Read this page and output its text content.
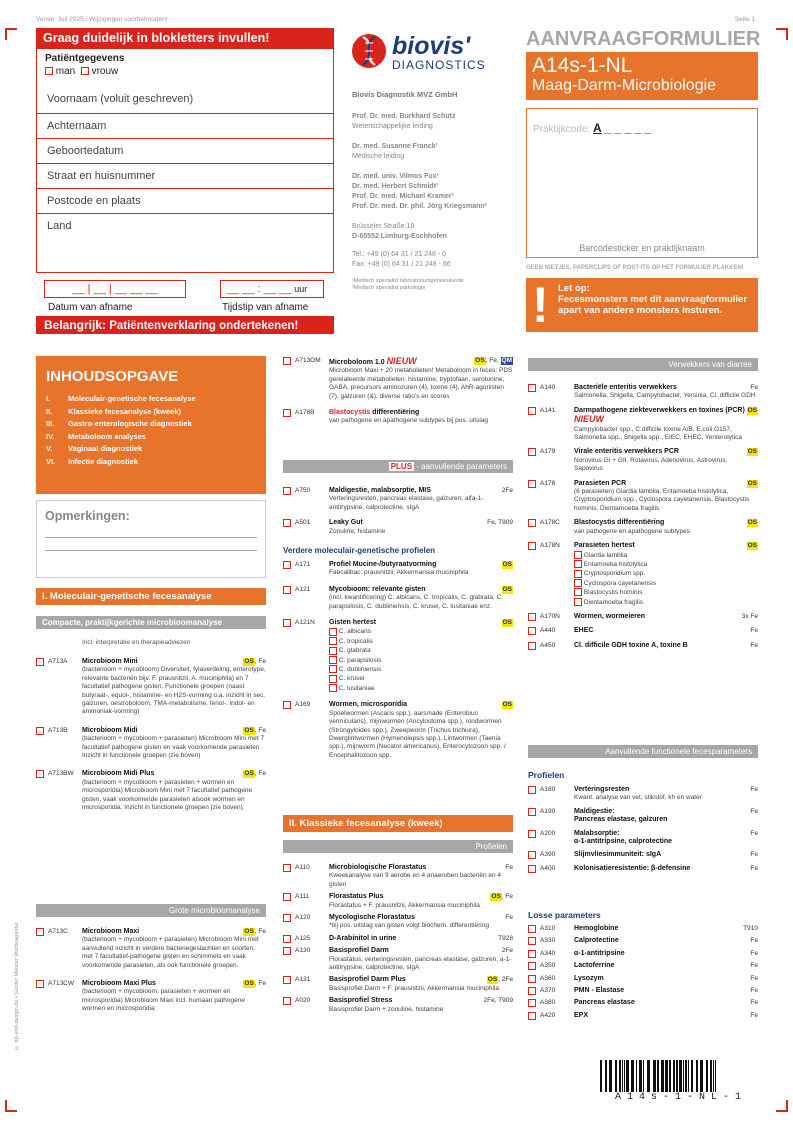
Versie: Juli 2025 / Wijzigingen voorbehouden!	Seite 1
© dp-und-design.de • Günter Meister Werbeagentur
Graag duidelijk in blokletters invullen!
Patiëntgegevens
man vrouw
Voornaam (voluit geschreven)
Achternaam
Geboortedatum
Straat en huisnummer
Postcode en plaats
Land
__ | __ | __ __ __
Datum van afname
__ __ : __ __ uur
Tijdstip van afname
Belangrijk: Patiëntenverklaring ondertekenen!
biovis'
DIAGNOSTICS
Biovis Diagnostik MVZ GmbH
Prof. Dr. med. Burkhard Schütz
Wetenschappelijke leiding
Dr. med. Susanne Franck¹
Medische leiding
Dr. med. univ. Vilmos Fux¹
Dr. med. Herbert Schmidt¹
Prof. Dr. med. Michael Kramer¹
Prof. Dr. med. Dr. phil. Jörg Kriegsmann²
Brüsseler Straße 18
D-65552 Limburg-Eschhofen
Tel.: +49 (0) 64 31 / 21 248 - 0
Fax: +49 (0) 64 31 / 21 248 - 66
¹Medisch specialist laboratoriumgeneeskunde
²Medisch specialist pathologie
AANVRAAGFORMULIER
A14s-1-NL
Maag-Darm-Microbiologie
Praktijkcode: A _ _ _ _ _
Barcodesticker en praktijknaam
GEEN NIETJES, PAPERCLIPS OF POST-ITS OP HET FORMULIER PLAKKEN!
! Let op:
Fecesmonsters met dit aanvraagformulier apart van andere monsters insturen.
INHOUDSOPGAVE
I. Moleculair-genetische fecesanalyse
II. Klassieke fecesanalyse (kweek)
III. Gastro-enterologische diagnostiek
IV. Metaboloom analyses
V. Vaginaal diagnostiek
VI. Infectie diagnostiek
Opmerkingen:
I. Moleculair-genetische fecesanalyse
Compacte, praktijkgerichte microbioomanalyse
Incl. interpretatie en therapieadviezen
A713A Microbioom Mini
(bacterioom + mycobioom) Diversiteit, fylaverdeling, enterotype, relevante bacteriën bijv. F. prausnitzii, A. muciniphila) en 7 facultatief pathogene gisten. Functionele groepen (naast butyraat-, equol-, histamine- en H2S-vorming o.a. inzicht in sec. galzuren, oestroboloom, TMA-metabolisme, fenol-, indol- en ammoniak-vorming)
OS, Fe
A713B Microbioom Midi
(bacterioom + mycobioom + parasieten) Microbioom Mini met 7 facultatief pathogene gisten en vaak voorkomende parasieten. Inzicht in functionele groepen (zie boven)
OS, Fe
A713BW Microbioom Midi Plus
(bacterioom + mycobioom + parasieten + wormen en microsporidia) Microbioom Mini met 7 facultatief pathogene gisten, vaak voorkomende parasieten alsook wormen en microsporidia. Inzicht in functionele groepen (zie boven).
OS, Fe
Grote microbioomanalyse
A713C Microbioom Maxi
(bacterioom + mycobioom + parasieten) Microbioom Mini met aanvullend inzicht in verdere bacteriegeslachten en soorten, met 7 facultatief-pathogene gisten en schimmels en vaak voorkomende parasieten, als ook functionele groepen.
OS, Fe
A713CW Microbioom Maxi Plus
(bacterioom + mycobioom, parasieten + wormen en microsporidia) Microbioom Maxi incl. humaan pathogene wormen en microsporidia
OS, Fe
A713OM Microboloom 1.0 NIEUW
Microbioom Maxi + 20 metabolieten! Metaboloom in feces: PDS gerelateerde metabolieten: histamine, tryptofaan, serotonine, GABA, precursors aminozuren (4), toxine (4), AhR-agonisten (7), galzuren (&), diverse ratio's en scores
OS, Fe, QM
A178B Blastocystis differentiëring
van pathogene en apathogene subtypes bij pos. uitslag
PLUS - aanvullende parameters
A750	Maldigestie, malabsorptie, MIS
Verteringsresten, pancreas elastase, galzuren, alfa-1-antitrypsine, calprotectine, sIgA
2Fe
A501	Leaky Gut
Zonuline, histamine
Fe, T909
Verdere moleculair-genetische profielen
A171	Profiel Mucine-/butyraatvorming
Faecalibac. prausnitzii, Akkermansia muciniphila
OS
A121	Mycobioom: relevante gisten
(incl. kwantificering) C. albicans, C. tropicalis, C. glabrata, C. parapsilosis, C. dubliniensis, C. krusei, C. lusitaniae enz.
OS
A121N Gisten hertest
C. albicans
C. tropicalis
C. glabrata
C. parapsilosis
C. dubliniensis
C. krusei
C. lusitaniae
OS
A169	Wormen, microsporidia
Spoelwormen (Ascaris spp.), aarsmade (Enterobius vermicularis), mijnwormen (Ancylostoma spp.), rondwormen (Strongyloides spp.), Zweepworm (Trichus trichiura), Dwerglintwormen (Hymenolepsis spp.), Lintwormen (Taenia spp.), mijnworm (Necator americanus), Enterocytozoon spp. / Encephalitozoon spp.
OS
II. Klassieke fecesanalyse (kweek)
Profielen
A110	Microbiologische Florastatus
Kweekanalyse van 9 aerobe en 4 anaeroben bacteriën en 4 gisten
Fe
A111	Florastatus Plus
Florastatus + F. prausnitzii, Akkermansia muciniphila
OS, Fe
A120	Mycologische Florastatus
*bij pos. uitslag van gisten volgt biochem. differentiëring
Fe
A125	D-Arabinitol in urine	T928
A130	Basisprofiel Darm
Florastatus, verteringsresten, pancreas elastase, galzuren, a-1-antitrypsine, calprotectine, sIgA
2Fe
A131	Basisprofiel Darm Plus
Basisprofiel Darm + F. prausnitzii, Akkermansia muciniphila
OS, 2Fe
A020	Basisprofiel Stress
Basisprofiel Darm + zonuline, histamine
2Fe, T909
Verwekkers van diarree
A140	Bacteriële enteritis verwekkers
Salmonella, Shigella, Campylobacter, Yersinia, Cl. difficile GDH
Fe
A141	Darmpathogene ziekteverwekkers en toxines (PCR) NIEUW
Campylobacter spp., C.difficile toxine A/B, E.coli O157, Salmonella spp., Shigella spp., EIEC, EHEC, Yenterolytica
OS
A179	Virale enteritis verwekkers PCR
Norovirus GI + GII, Rotavirus, Adenovirus, Astrovirus, Sapovirus
OS
A178	Parasieten PCR
(6 parasieten) Giardia lamblia, Entamoeba histolytica, Cryptosporidium spp., Cyclospora cayetanensis, Blastocystis hominis, Dientamoeba fragilis
OS
A178C Blastocystis differentiëring
van pathogene en apathogene subtypes
OS
A178N Parasieten hertest
Giardia lamblia
Entamoeba histolytica
Cryptosporidium spp.
Cyclospora cayetanensis
Blastocystis hominis
Dientamoeba fragilis
OS
A170N Wormen, wormeieren	3x Fe
A440	EHEC	Fe
A450	Cl. difficile GDH toxine A, toxine B	Fe
Aanvullende functionele fecesparameters
Profielen
A180	Verteringsresten
Kwant. analyse van vet, stikstof, kh en water
Fe
A190	Maldigestie:
Pancreas elastase, galzuren
Fe
A200	Malabsorptie:
α-1-antitripsine, calprotectine
Fe
A390	Slijmvliesimmuniteit: sIgA	Fe
A400	Kolonisatieresistentie: β-defensine	Fe
Losse parameters
A310	Hemoglobine	T910
A330	Calprotectine	Fe
A340	α-1-antitripsine	Fe
A350	Lactoferrine	Fe
A360	Lysozym	Fe
A370	PMN - Elastase	Fe
A380	Pancreas elastase	Fe
A420	EPX	Fe
A 1 4 s - 1 - N L - 1
